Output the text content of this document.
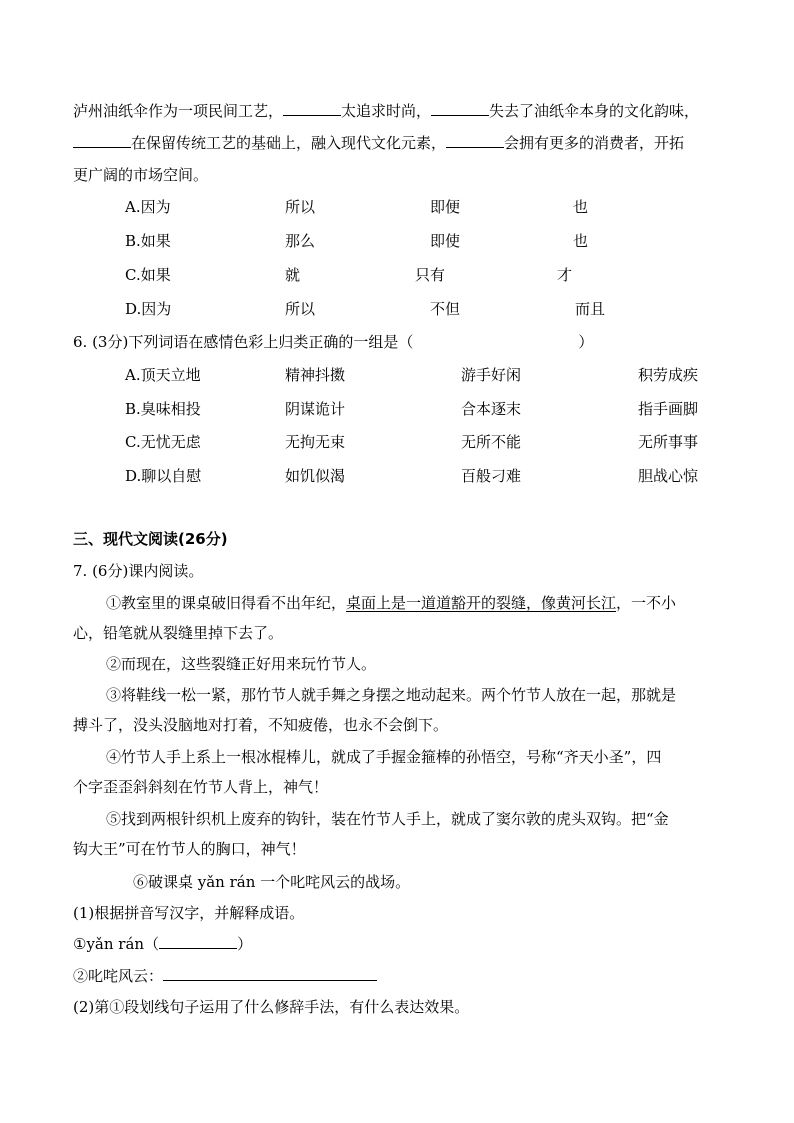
泸州油纸伞作为一项民间工艺，	太追求时尚，	失去了油纸伞本身的文化韵味，
在保留传统工艺的基础上，融入现代文化元素，	会拥有更多的消费者，开拓
更广阔的市场空间。
A.因为	所以	即便	也
B.如果	那么	即使	也
C.如果	就	只有	才
D.因为	所以	不但	而且
6. (3分)下列词语在感情色彩上归类正确的一组是（	）
A.顶天立地	精神抖擞	游手好闲	积劳成疾
B.臭味相投	阴谋诡计	合本逐末	指手画脚
C.无忧无虑	无拘无束	无所不能	无所事事
D.聊以自慰	如饥似渴	百般刁难	胆战心惊
三、现代文阅读(26分)
7. (6分)课内阅读。
①教室里的课桌破旧得看不出年纪，桌面上是一道道豁开的裂缝，像黄河长江，一不小
心，铅笔就从裂缝里掉下去了。
②而现在，这些裂缝正好用来玩竹节人。
③将鞋线一松一紧，那竹节人就手舞之身摆之地动起来。两个竹节人放在一起，那就是
搏斗了，没头没脑地对打着，不知疲倦，也永不会倒下。
④竹节人手上系上一根冰棍棒儿，就成了手握金箍棒的孙悟空，号称“齐天小圣”，四
个字歪歪斜斜刻在竹节人背上，神气！
⑤找到两根针织机上废弃的钩针，装在竹节人手上，就成了窦尔敦的虎头双钩。把“金
钩大王”可在竹节人的胸口，神气！
⑥破课桌 yǎn rán 一个叱咤风云的战场。
(1)根据拼音写汉字，并解释成语。
①yǎn rán（	）
②叱咤风云：
(2)第①段划线句子运用了什么修辞手法，有什么表达效果。
